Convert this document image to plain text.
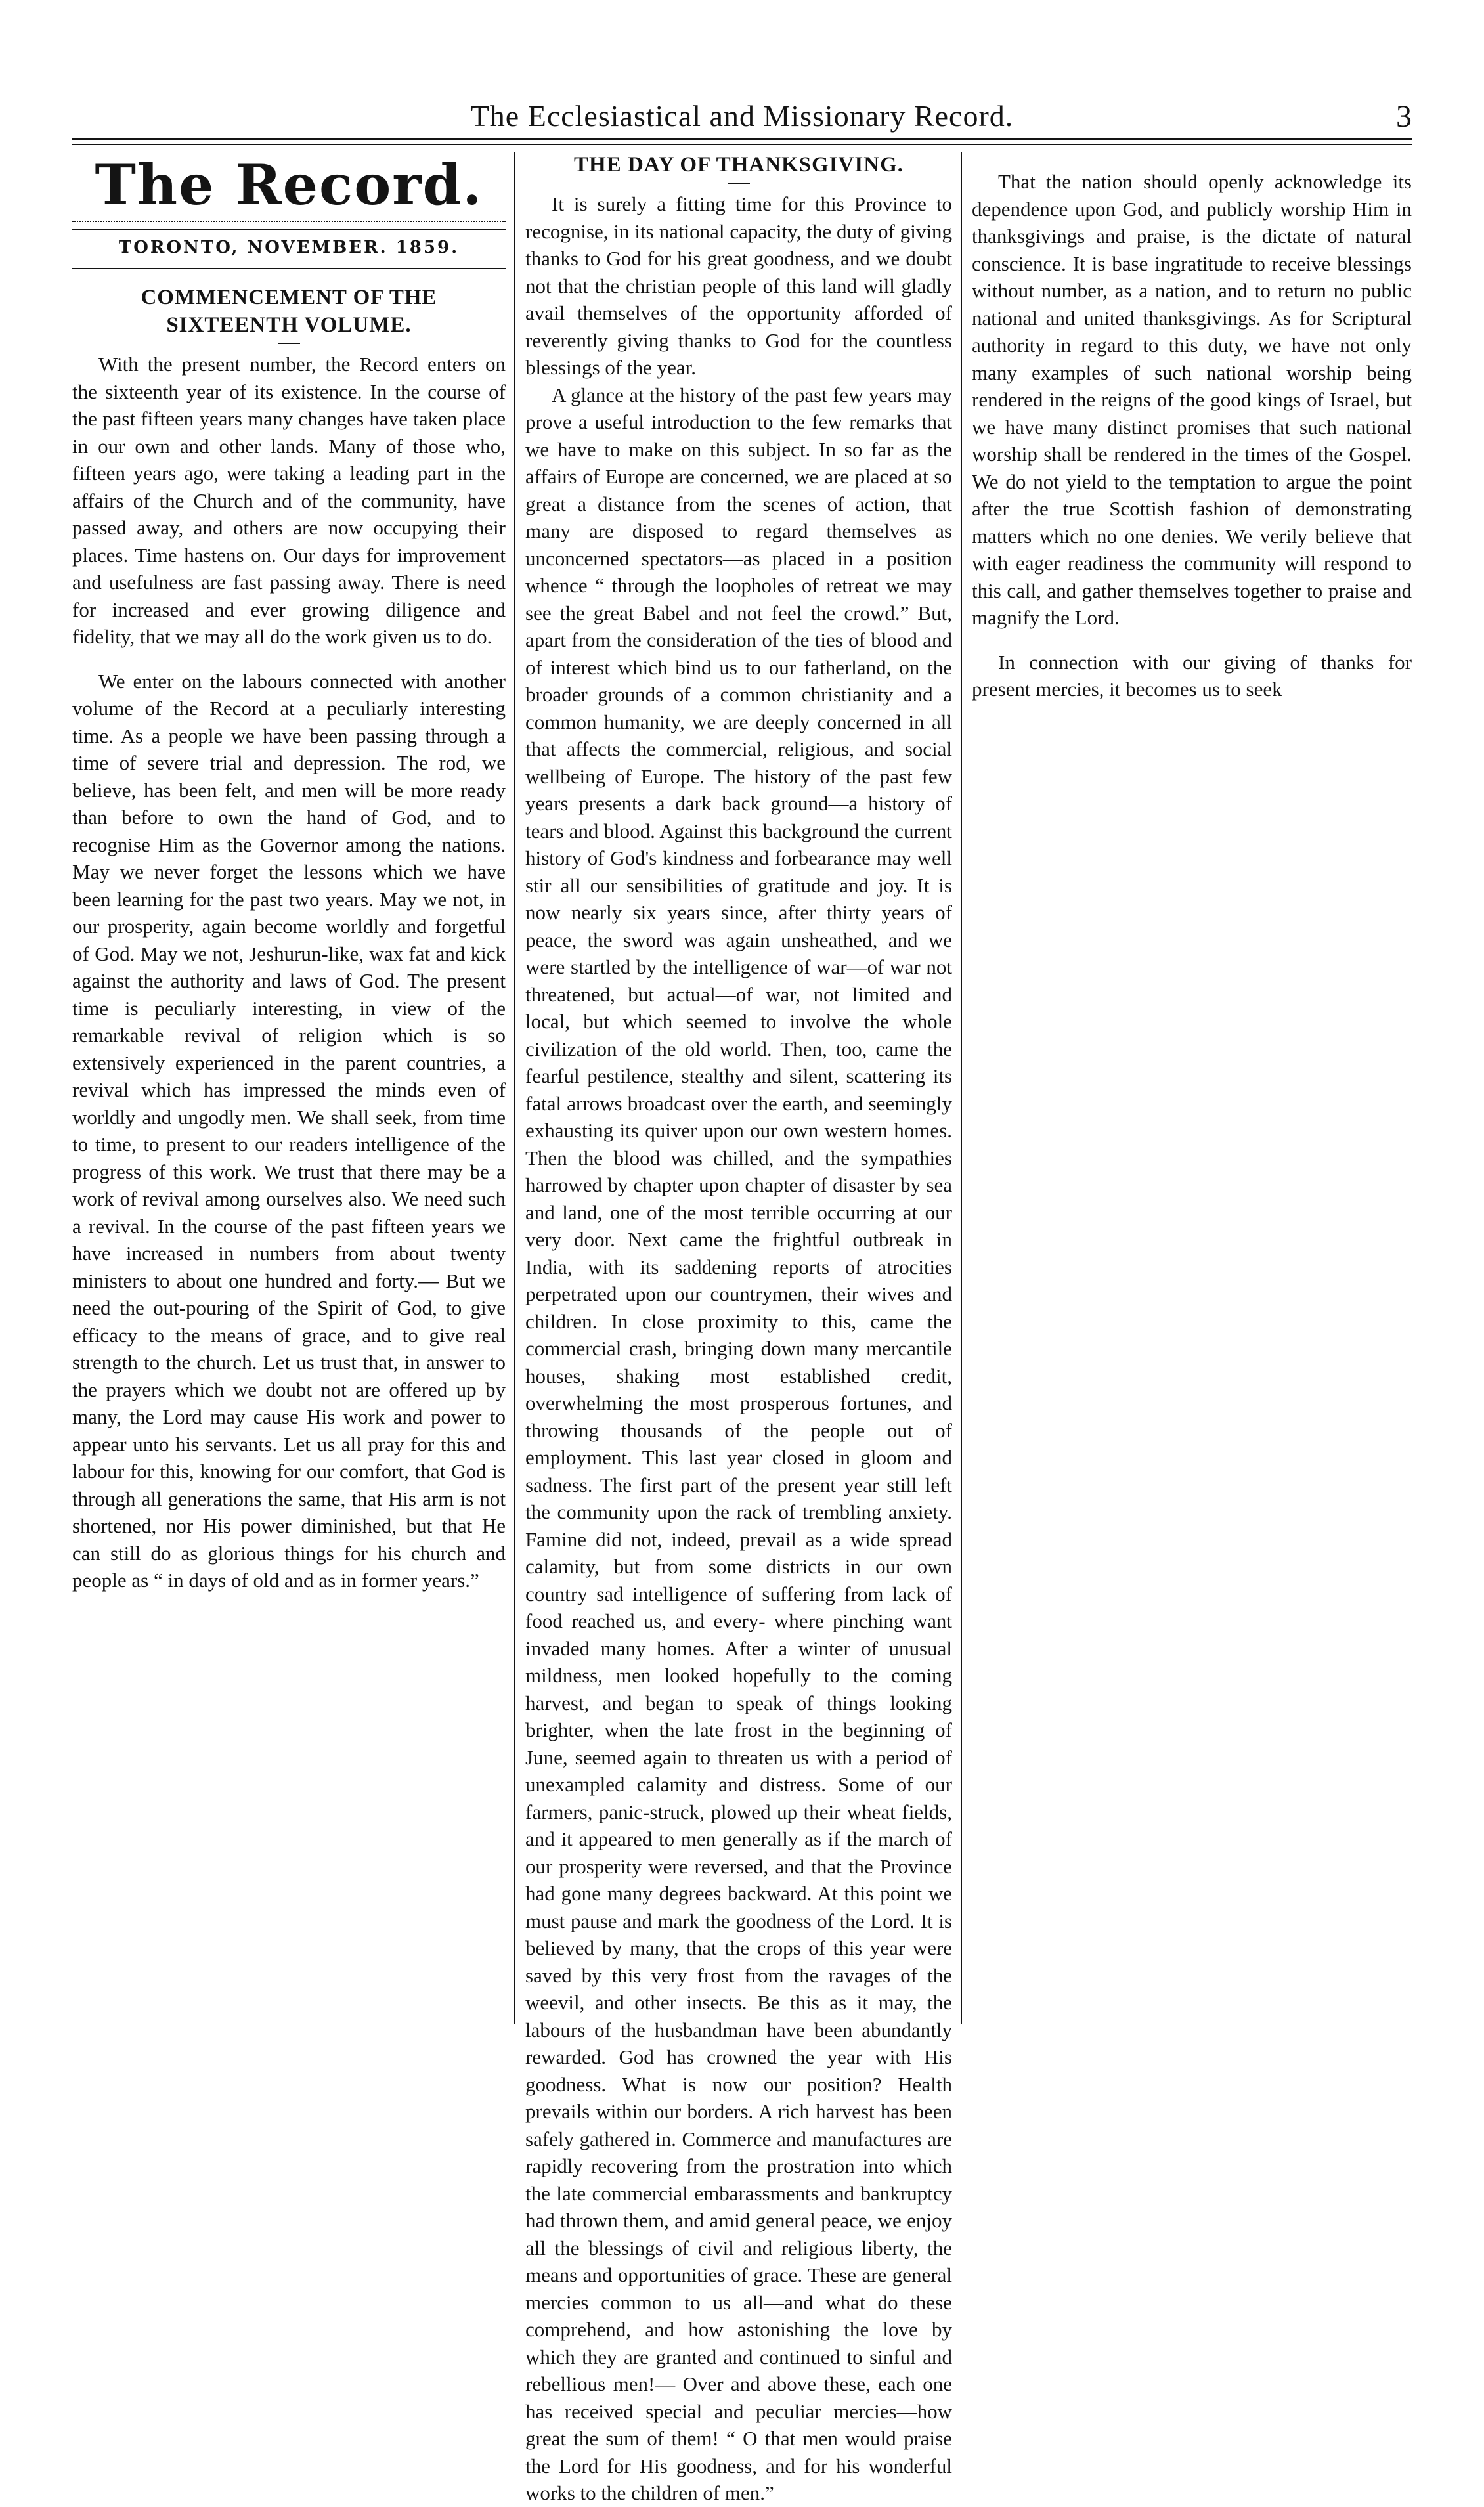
The Ecclesiastical and Missionary Record.	3
The Record.
TORONTO, NOVEMBER. 1859.
COMMENCEMENT OF THE SIXTEENTH VOLUME.

With the present number, the Record enters on the sixteenth year of its existence. In the course of the past fifteen years many changes have taken place in our own and other lands. Many of those who, fifteen years ago, were taking a leading part in the affairs of the Church and of the community, have passed away, and others are now occupying their places. Time hastens on. Our days for improvement and usefulness are fast passing away. There is need for increased and ever growing diligence and fidelity, that we may all do the work given us to do.

We enter on the labours connected with another volume of the Record at a peculiarly interesting time. As a people we have been passing through a time of severe trial and depression. The rod, we believe, has been felt, and men will be more ready than before to own the hand of God, and to recognise Him as the Governor among the nations. May we never forget the lessons which we have been learning for the past two years. May we not, in our prosperity, again become worldly and forgetful of God. May we not, Jeshurun-like, wax fat and kick against the authority and laws of God. The present time is peculiarly interesting, in view of the remarkable revival of religion which is so extensively experienced in the parent countries, a revival which has impressed the minds even of worldly and ungodly men. We shall seek, from time to time, to present to our readers intelligence of the progress of this work. We trust that there may be a work of revival among ourselves also. We need such a revival. In the course of the past fifteen years we have increased in numbers from about twenty ministers to about one hundred and forty.— But we need the out-pouring of the Spirit of God, to give efficacy to the means of grace, and to give real strength to the church. Let us trust that, in answer to the prayers which we doubt not are offered up by many, the Lord may cause His work and power to appear unto his servants. Let us all pray for this and labour for this, knowing for our comfort, that God is through all generations the same, that His arm is not shortened, nor His power diminished, but that He can still do as glorious things for his church and people as “ in days of old and as in former years.”

THE DAY OF THANKSGIVING.

It is surely a fitting time for this Province to recognise, in its national capacity, the duty of giving thanks to God for his great goodness, and we doubt not that the christian people of this land will gladly avail themselves of the opportunity afforded of reverently giving thanks to God for the countless blessings of the year.

A glance at the history of the past few years may prove a useful introduction to the few remarks that we have to make on this subject. In so far as the affairs of Europe are concerned, we are placed at so great a distance from the scenes of action, that many are disposed to regard themselves as unconcerned spectators—as placed in a position whence “ through the loopholes of retreat we may see the great Babel and not feel the crowd.” But, apart from the consideration of the ties of blood and of interest which bind us to our fatherland, on the broader grounds of a common christianity and a common humanity, we are deeply concerned in all that affects the commercial, religious, and social wellbeing of Europe. The history of the past few years presents a dark back ground—a history of tears and blood. Against this background the current history of God's kindness and forbearance may well stir all our sensibilities of gratitude and joy. It is now nearly six years since, after thirty years of peace, the sword was again unsheathed, and we were startled by the intelligence of war—of war not threatened, but actual—of war, not limited and local, but which seemed to involve the whole civilization of the old world. Then, too, came the fearful pestilence, stealthy and silent, scattering its fatal arrows broadcast over the earth, and seemingly exhausting its quiver upon our own western homes. Then the blood was chilled, and the sympathies harrowed by chapter upon chapter of disaster by sea and land, one of the most terrible occurring at our very door. Next came the frightful outbreak in India, with its saddening reports of atrocities perpetrated upon our countrymen, their wives and children. In close proximity to this, came the commercial crash, bringing down many mercantile houses, shaking most established credit, overwhelming the most prosperous fortunes, and throwing thousands of the people out of employment. This last year closed in gloom and sadness. The first part of the present year still left the community upon the rack of trembling anxiety. Famine did not, indeed, prevail as a wide spread calamity, but from some districts in our own country sad intelligence of suffering from lack of food reached us, and every- where pinching want invaded many homes. After a winter of unusual mildness, men looked hopefully to the coming harvest, and began to speak of things looking brighter, when the late frost in the beginning of June, seemed again to threaten us with a period of unexampled calamity and distress. Some of our farmers, panic-struck, plowed up their wheat fields, and it appeared to men generally as if the march of our prosperity were reversed, and that the Province had gone many degrees backward. At this point we must pause and mark the goodness of the Lord. It is believed by many, that the crops of this year were saved by this very frost from the ravages of the weevil, and other insects. Be this as it may, the labours of the husbandman have been abundantly rewarded. God has crowned the year with His goodness. What is now our position? Health prevails within our borders. A rich harvest has been safely gathered in. Commerce and manufactures are rapidly recovering from the prostration into which the late commercial embarassments and bankruptcy had thrown them, and amid general peace, we enjoy all the blessings of civil and religious liberty, the means and opportunities of grace. These are general mercies common to us all—and what do these comprehend, and how astonishing the love by which they are granted and continued to sinful and rebellious men!— Over and above these, each one has received special and peculiar mercies—how great the sum of them! “ O that men would praise the Lord for His goodness, and for his wonderful works to the children of men.”

That the nation should openly acknowledge its dependence upon God, and publicly worship Him in thanksgivings and praise, is the dictate of natural conscience. It is base ingratitude to receive blessings without number, as a nation, and to return no public national and united thanksgivings. As for Scriptural authority in regard to this duty, we have not only many examples of such national worship being rendered in the reigns of the good kings of Israel, but we have many distinct promises that such national worship shall be rendered in the times of the Gospel. We do not yield to the temptation to argue the point after the true Scottish fashion of demonstrating matters which no one denies. We verily believe that with eager readiness the community will respond to this call, and gather themselves together to praise and magnify the Lord.

In connection with our giving of thanks for present mercies, it becomes us to seek
